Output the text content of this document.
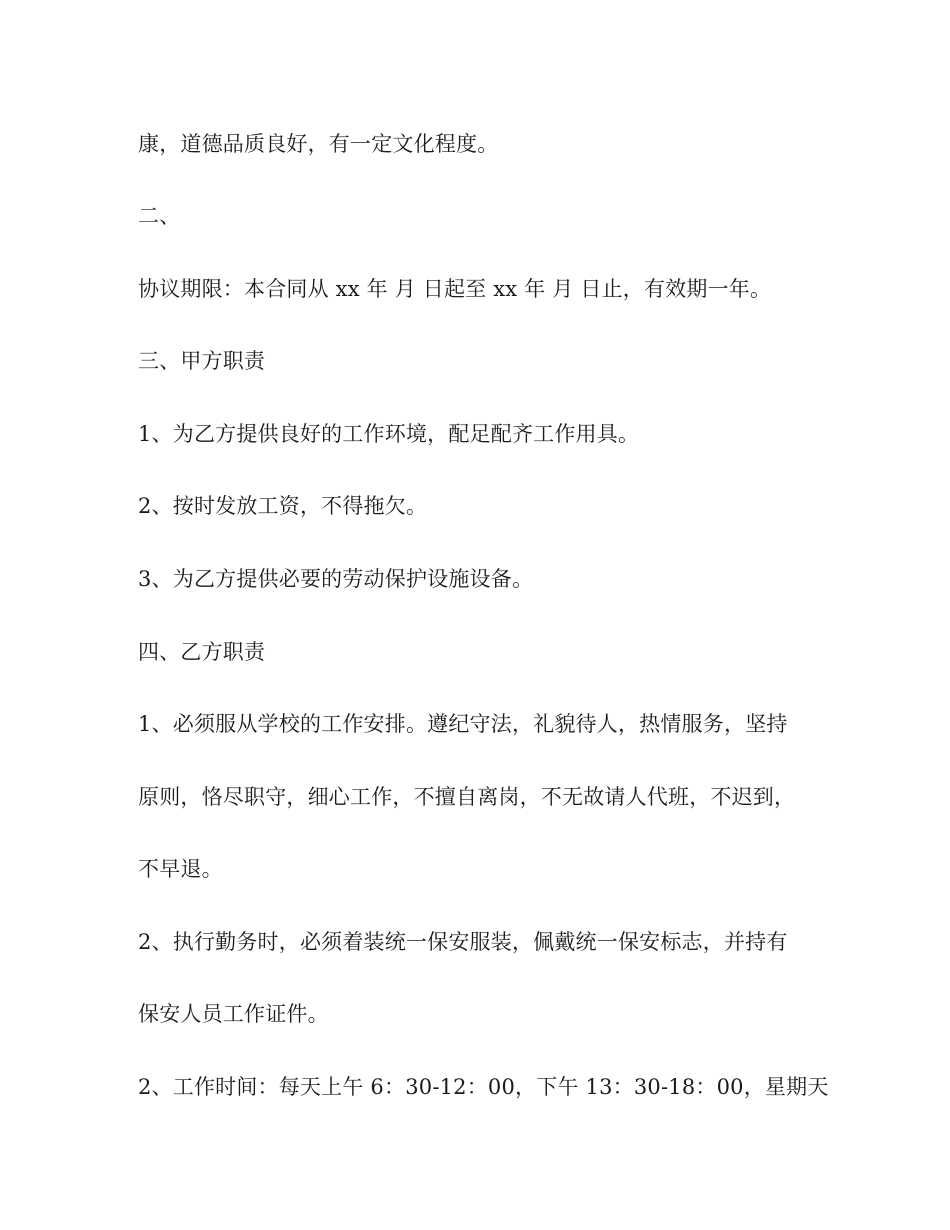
康，道德品质良好，有一定文化程度。
二、
协议期限：本合同从 xx 年 月 日起至 xx 年 月 日止，有效期一年。
三、甲方职责
1、为乙方提供良好的工作环境，配足配齐工作用具。
2、按时发放工资，不得拖欠。
3、为乙方提供必要的劳动保护设施设备。
四、乙方职责
1、必须服从学校的工作安排。遵纪守法，礼貌待人，热情服务，坚持
原则，恪尽职守，细心工作，不擅自离岗，不无故请人代班，不迟到，
不早退。
2、执行勤务时，必须着装统一保安服装，佩戴统一保安标志，并持有
保安人员工作证件。
2、工作时间：每天上午 6：30-12：00，下午 13：30-18：00，星期天
